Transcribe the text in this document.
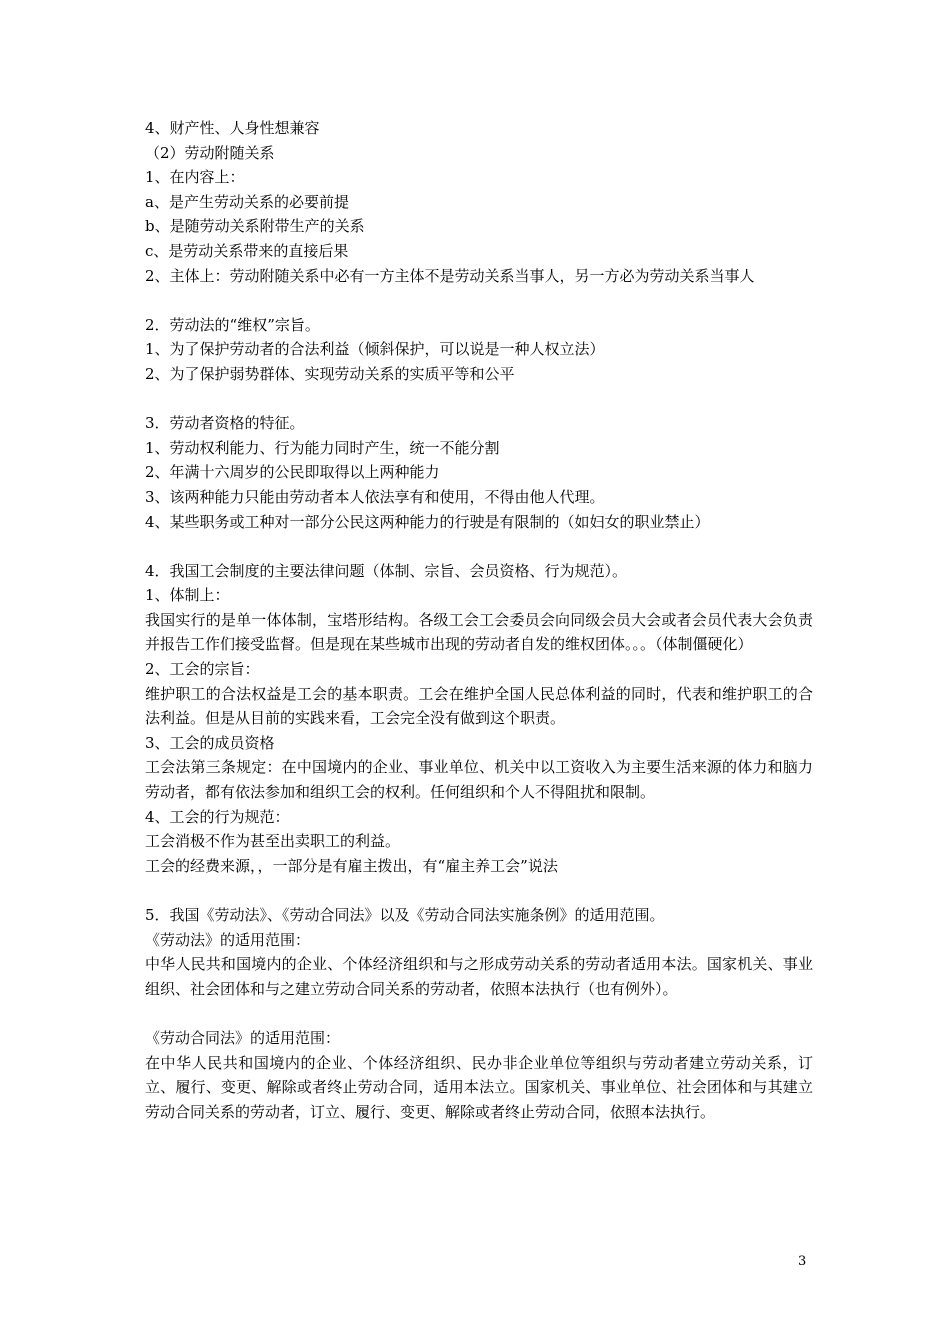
4、财产性、人身性想兼容
（2）劳动附随关系
1、在内容上：
a、是产生劳动关系的必要前提
b、是随劳动关系附带生产的关系
c、是劳动关系带来的直接后果
2、主体上：劳动附随关系中必有一方主体不是劳动关系当事人，另一方必为劳动关系当事人
2．劳动法的“维权”宗旨。
1、为了保护劳动者的合法利益（倾斜保护，可以说是一种人权立法）
2、为了保护弱势群体、实现劳动关系的实质平等和公平
3．劳动者资格的特征。
1、劳动权利能力、行为能力同时产生，统一不能分割
2、年满十六周岁的公民即取得以上两种能力
3、该两种能力只能由劳动者本人依法享有和使用，不得由他人代理。
4、某些职务或工种对一部分公民这两种能力的行驶是有限制的（如妇女的职业禁止）
4．我国工会制度的主要法律问题（体制、宗旨、会员资格、行为规范）。
1、体制上：
我国实行的是单一体体制，宝塔形结构。各级工会工会委员会向同级会员大会或者会员代表大会负责并报告工作们接受监督。但是现在某些城市出现的劳动者自发的维权团体。。。（体制僵硬化）
2、工会的宗旨：
维护职工的合法权益是工会的基本职责。工会在维护全国人民总体利益的同时，代表和维护职工的合法利益。但是从目前的实践来看，工会完全没有做到这个职责。
3、工会的成员资格
工会法第三条规定：在中国境内的企业、事业单位、机关中以工资收入为主要生活来源的体力和脑力劳动者，都有依法参加和组织工会的权利。任何组织和个人不得阻扰和限制。
4、工会的行为规范：
工会消极不作为甚至出卖职工的利益。
工会的经费来源，，一部分是有雇主拨出，有“雇主养工会”说法
5．我国《劳动法》、《劳动合同法》以及《劳动合同法实施条例》的适用范围。
《劳动法》的适用范围：
中华人民共和国境内的企业、个体经济组织和与之形成劳动关系的劳动者适用本法。国家机关、事业组织、社会团体和与之建立劳动合同关系的劳动者，依照本法执行（也有例外）。
《劳动合同法》的适用范围：
在中华人民共和国境内的企业、个体经济组织、民办非企业单位等组织与劳动者建立劳动关系，订立、履行、变更、解除或者终止劳动合同，适用本法立。国家机关、事业单位、社会团体和与其建立劳动合同关系的劳动者，订立、履行、变更、解除或者终止劳动合同，依照本法执行。
3
